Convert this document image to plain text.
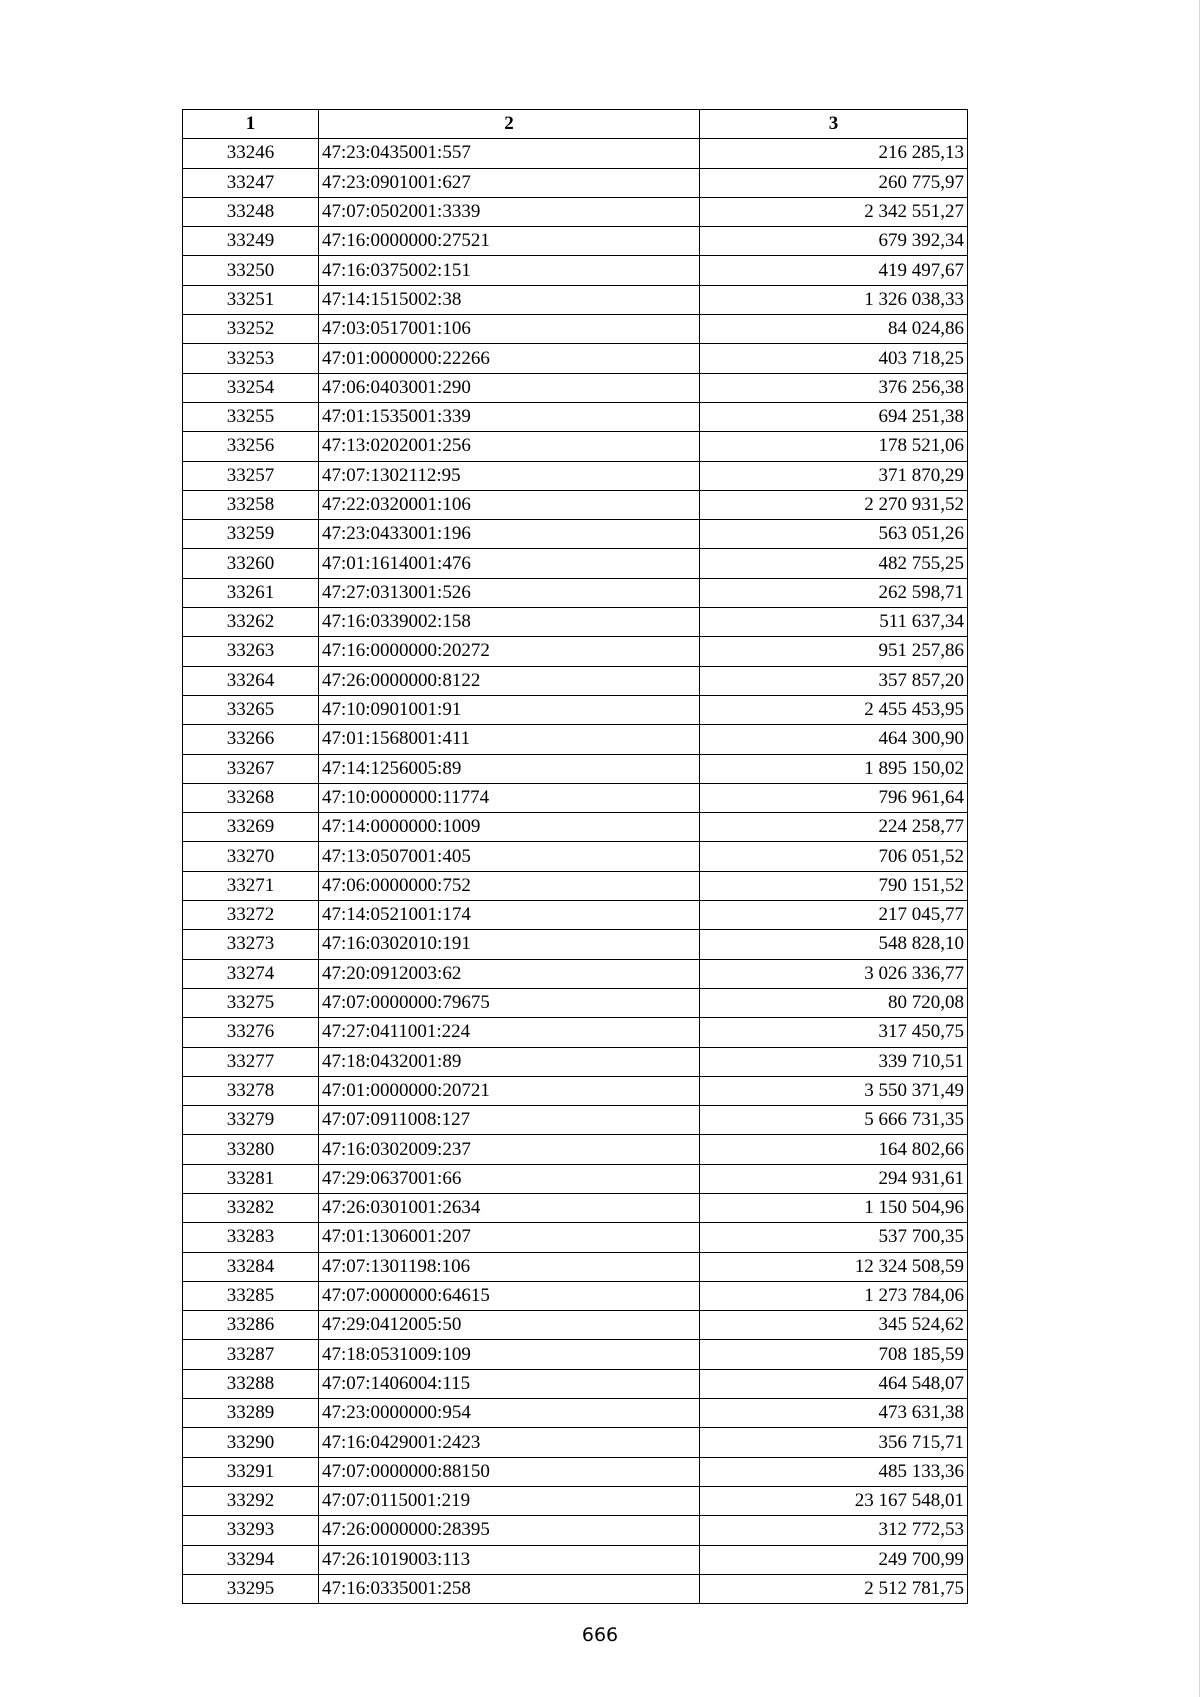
1	2	3
33246	47:23:0435001:557	216 285,13
33247	47:23:0901001:627	260 775,97
33248	47:07:0502001:3339	2 342 551,27
33249	47:16:0000000:27521	679 392,34
33250	47:16:0375002:151	419 497,67
33251	47:14:1515002:38	1 326 038,33
33252	47:03:0517001:106	84 024,86
33253	47:01:0000000:22266	403 718,25
33254	47:06:0403001:290	376 256,38
33255	47:01:1535001:339	694 251,38
33256	47:13:0202001:256	178 521,06
33257	47:07:1302112:95	371 870,29
33258	47:22:0320001:106	2 270 931,52
33259	47:23:0433001:196	563 051,26
33260	47:01:1614001:476	482 755,25
33261	47:27:0313001:526	262 598,71
33262	47:16:0339002:158	511 637,34
33263	47:16:0000000:20272	951 257,86
33264	47:26:0000000:8122	357 857,20
33265	47:10:0901001:91	2 455 453,95
33266	47:01:1568001:411	464 300,90
33267	47:14:1256005:89	1 895 150,02
33268	47:10:0000000:11774	796 961,64
33269	47:14:0000000:1009	224 258,77
33270	47:13:0507001:405	706 051,52
33271	47:06:0000000:752	790 151,52
33272	47:14:0521001:174	217 045,77
33273	47:16:0302010:191	548 828,10
33274	47:20:0912003:62	3 026 336,77
33275	47:07:0000000:79675	80 720,08
33276	47:27:0411001:224	317 450,75
33277	47:18:0432001:89	339 710,51
33278	47:01:0000000:20721	3 550 371,49
33279	47:07:0911008:127	5 666 731,35
33280	47:16:0302009:237	164 802,66
33281	47:29:0637001:66	294 931,61
33282	47:26:0301001:2634	1 150 504,96
33283	47:01:1306001:207	537 700,35
33284	47:07:1301198:106	12 324 508,59
33285	47:07:0000000:64615	1 273 784,06
33286	47:29:0412005:50	345 524,62
33287	47:18:0531009:109	708 185,59
33288	47:07:1406004:115	464 548,07
33289	47:23:0000000:954	473 631,38
33290	47:16:0429001:2423	356 715,71
33291	47:07:0000000:88150	485 133,36
33292	47:07:0115001:219	23 167 548,01
33293	47:26:0000000:28395	312 772,53
33294	47:26:1019003:113	249 700,99
33295	47:16:0335001:258	2 512 781,75
666
